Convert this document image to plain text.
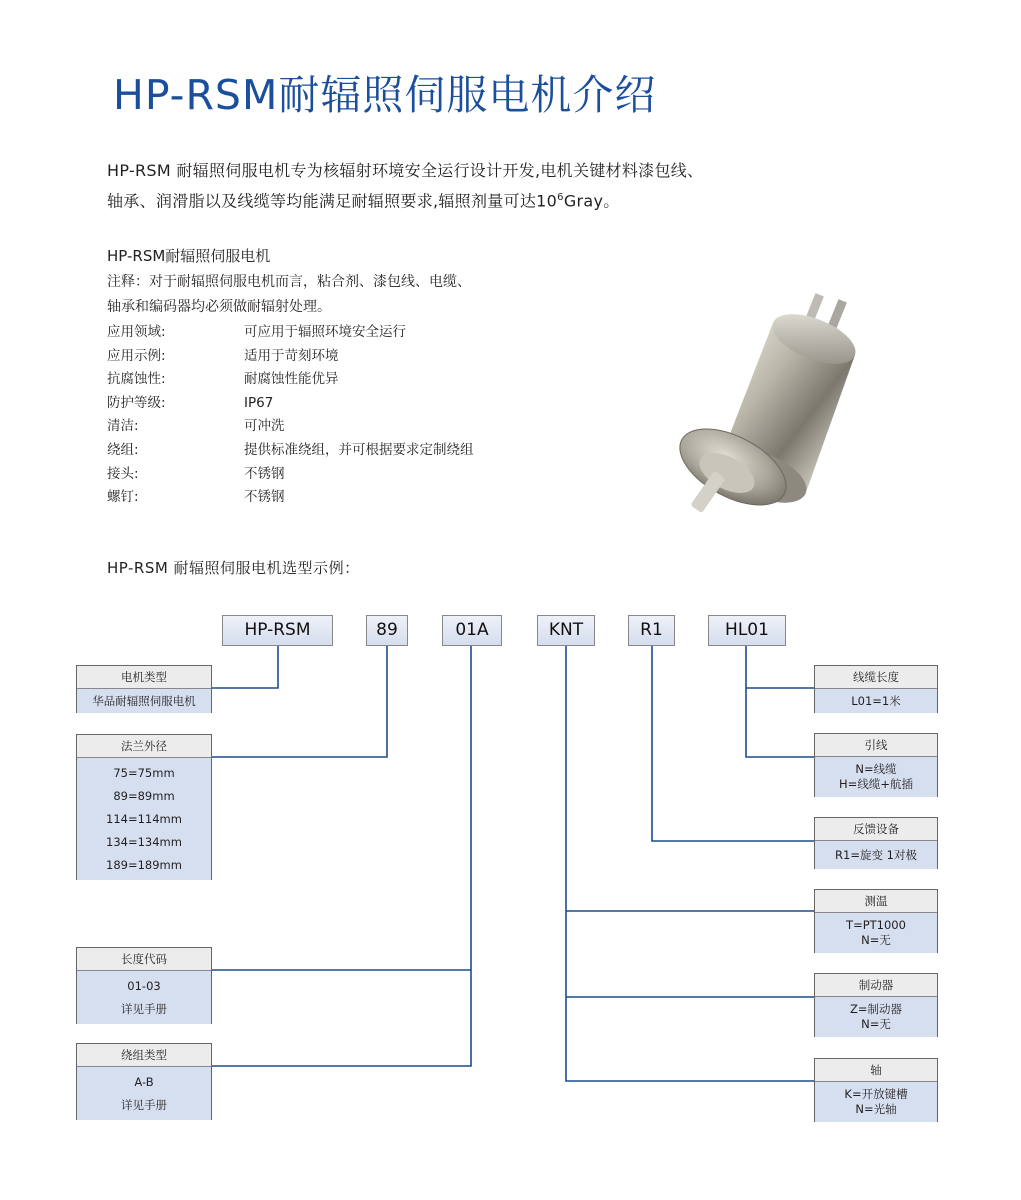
HP-RSM耐辐照伺服电机介绍

HP-RSM 耐辐照伺服电机专为核辐射环境安全运行设计开发,电机关键材料漆包线、

轴承、润滑脂以及线缆等均能满足耐辐照要求,辐照剂量可达$10^6Gray$。

HP-RSM耐辐照伺服电机

注释：对于耐辐照伺服电机而言，粘合剂、漆包线、电缆、

轴承和编码器均必须做耐辐射处理。

应用领域:	可应用于辐照环境安全运行
应用示例:	适用于苛刻环境
抗腐蚀性:	耐腐蚀性能优异
防护等级:	IP67
清洁:	可冲洗
绕组:	提供标准绕组，并可根据要求定制绕组
接头:	不锈钢
螺钉:	不锈钢
HP-RSM 耐辐照伺服电机选型示例：
HP-RSM	89	01A	KNT	R1	HL01
电机类型
华品耐辐照伺服电机
法兰外径
75=75mm
89=89mm
114=114mm
134=134mm
189=189mm
长度代码
01-03
详见手册
绕组类型
A-B
详见手册
线缆长度
L01=1米
引线
N=线缆
H=线缆+航插
反馈设备
R1=旋变 1对极
测温
T=PT1000
N=无
制动器
Z=制动器
N=无
轴
K=开放键槽
N=光轴
